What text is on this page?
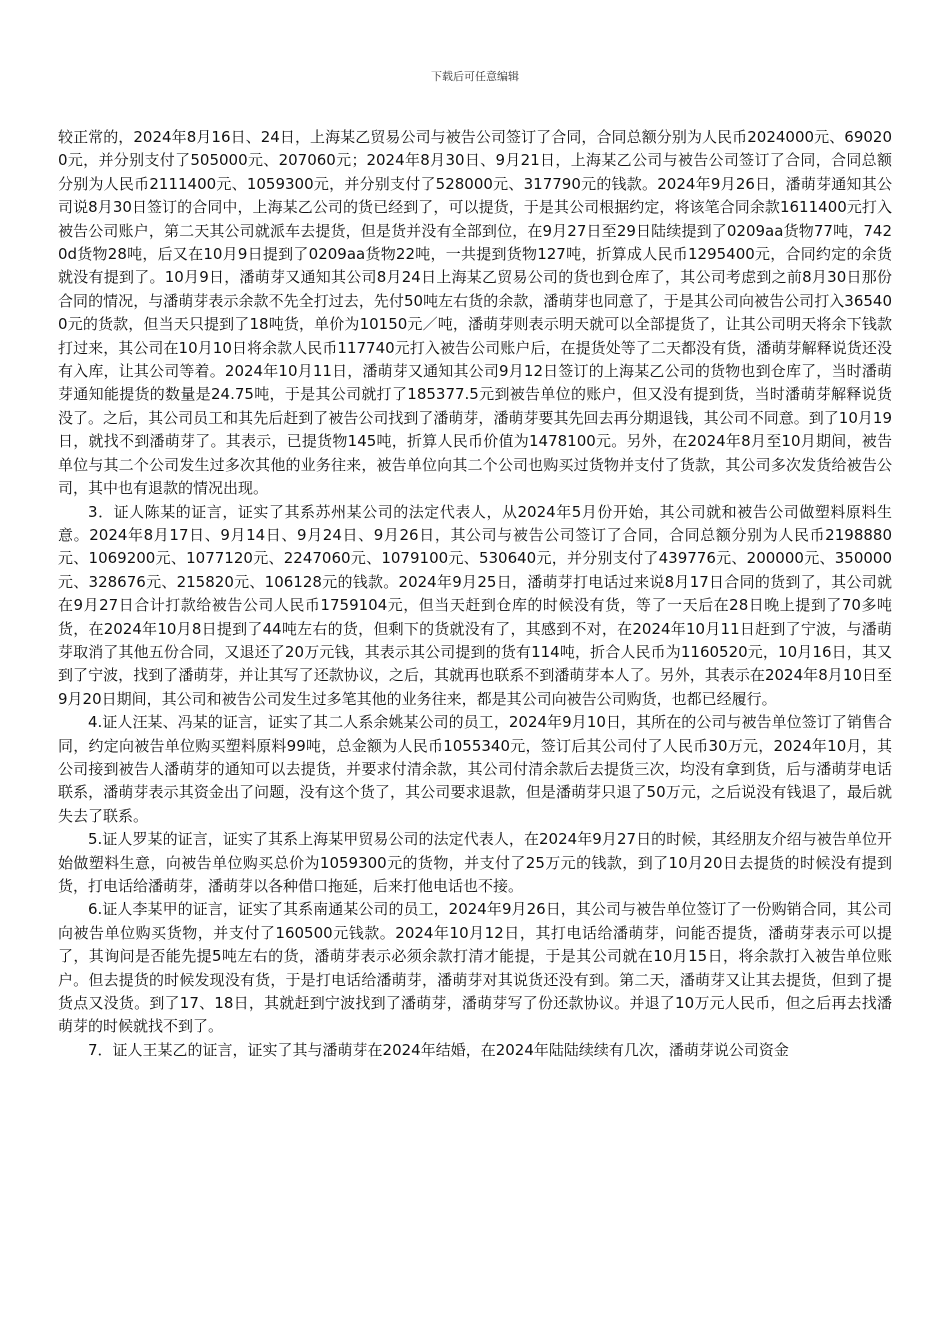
下载后可任意编辑

较正常的，2024年8月16日、24日，上海某乙贸易公司与被告公司签订了合同，合同总额分别为人民币2024000元、690200元，并分别支付了505000元、207060元；2024年8月30日、9月21日，上海某乙公司与被告公司签订了合同，合同总额分别为人民币2111400元、1059300元，并分别支付了528000元、317790元的钱款。2024年9月26日，潘萌芽通知其公司说8月30日签订的合同中，上海某乙公司的货已经到了，可以提货，于是其公司根据约定，将该笔合同余款1611400元打入被告公司账户，第二天其公司就派车去提货，但是货并没有全部到位，在9月27日至29日陆续提到了0209aa货物77吨，7420d货物28吨，后又在10月9日提到了0209aa货物22吨，一共提到货物127吨，折算成人民币1295400元，合同约定的余货就没有提到了。10月9日，潘萌芽又通知其公司8月24日上海某乙贸易公司的货也到仓库了，其公司考虑到之前8月30日那份合同的情况，与潘萌芽表示余款不先全打过去，先付50吨左右货的余款，潘萌芽也同意了，于是其公司向被告公司打入365400元的货款，但当天只提到了18吨货，单价为10150元／吨，潘萌芽则表示明天就可以全部提货了，让其公司明天将余下钱款打过来，其公司在10月10日将余款人民币117740元打入被告公司账户后，在提货处等了二天都没有货，潘萌芽解释说货还没有入库，让其公司等着。2024年10月11日，潘萌芽又通知其公司9月12日签订的上海某乙公司的货物也到仓库了，当时潘萌芽通知能提货的数量是24.75吨，于是其公司就打了185377.5元到被告单位的账户，但又没有提到货，当时潘萌芽解释说货没了。之后，其公司员工和其先后赶到了被告公司找到了潘萌芽，潘萌芽要其先回去再分期退钱，其公司不同意。到了10月19日，就找不到潘萌芽了。其表示，已提货物145吨，折算人民币价值为1478100元。另外，在2024年8月至10月期间，被告单位与其二个公司发生过多次其他的业务往来，被告单位向其二个公司也购买过货物并支付了货款，其公司多次发货给被告公司，其中也有退款的情况出现。

3．证人陈某的证言，证实了其系苏州某公司的法定代表人，从2024年5月份开始，其公司就和被告公司做塑料原料生意。2024年8月17日、9月14日、9月24日、9月26日，其公司与被告公司签订了合同，合同总额分别为人民币2198880元、1069200元、1077120元、2247060元、1079100元、530640元，并分别支付了439776元、200000元、350000元、328676元、215820元、106128元的钱款。2024年9月25日，潘萌芽打电话过来说8月17日合同的货到了，其公司就在9月27日合计打款给被告公司人民币1759104元，但当天赶到仓库的时候没有货，等了一天后在28日晚上提到了70多吨货，在2024年10月8日提到了44吨左右的货，但剩下的货就没有了，其感到不对，在2024年10月11日赶到了宁波，与潘萌芽取消了其他五份合同，又退还了20万元钱，其表示其公司提到的货有114吨，折合人民币为1160520元，10月16日，其又到了宁波，找到了潘萌芽，并让其写了还款协议，之后，其就再也联系不到潘萌芽本人了。另外，其表示在2024年8月10日至9月20日期间，其公司和被告公司发生过多笔其他的业务往来，都是其公司向被告公司购货，也都已经履行。

4.证人汪某、冯某的证言，证实了其二人系余姚某公司的员工，2024年9月10日，其所在的公司与被告单位签订了销售合同，约定向被告单位购买塑料原料99吨，总金额为人民币1055340元，签订后其公司付了人民币30万元，2024年10月，其公司接到被告人潘萌芽的通知可以去提货，并要求付清余款，其公司付清余款后去提货三次，均没有拿到货，后与潘萌芽电话联系，潘萌芽表示其资金出了问题，没有这个货了，其公司要求退款，但是潘萌芽只退了50万元，之后说没有钱退了，最后就失去了联系。

5.证人罗某的证言，证实了其系上海某甲贸易公司的法定代表人，在2024年9月27日的时候，其经朋友介绍与被告单位开始做塑料生意，向被告单位购买总价为1059300元的货物，并支付了25万元的钱款，到了10月20日去提货的时候没有提到货，打电话给潘萌芽，潘萌芽以各种借口拖延，后来打他电话也不接。

6.证人李某甲的证言，证实了其系南通某公司的员工，2024年9月26日，其公司与被告单位签订了一份购销合同，其公司向被告单位购买货物，并支付了160500元钱款。2024年10月12日，其打电话给潘萌芽，问能否提货，潘萌芽表示可以提了，其询问是否能先提5吨左右的货，潘萌芽表示必须余款打清才能提，于是其公司就在10月15日，将余款打入被告单位账户。但去提货的时候发现没有货，于是打电话给潘萌芽，潘萌芽对其说货还没有到。第二天，潘萌芽又让其去提货，但到了提货点又没货。到了17、18日，其就赶到宁波找到了潘萌芽，潘萌芽写了份还款协议。并退了10万元人民币，但之后再去找潘萌芽的时候就找不到了。

7．证人王某乙的证言，证实了其与潘萌芽在2024年结婚，在2024年陆陆续续有几次，潘萌芽说公司资金
